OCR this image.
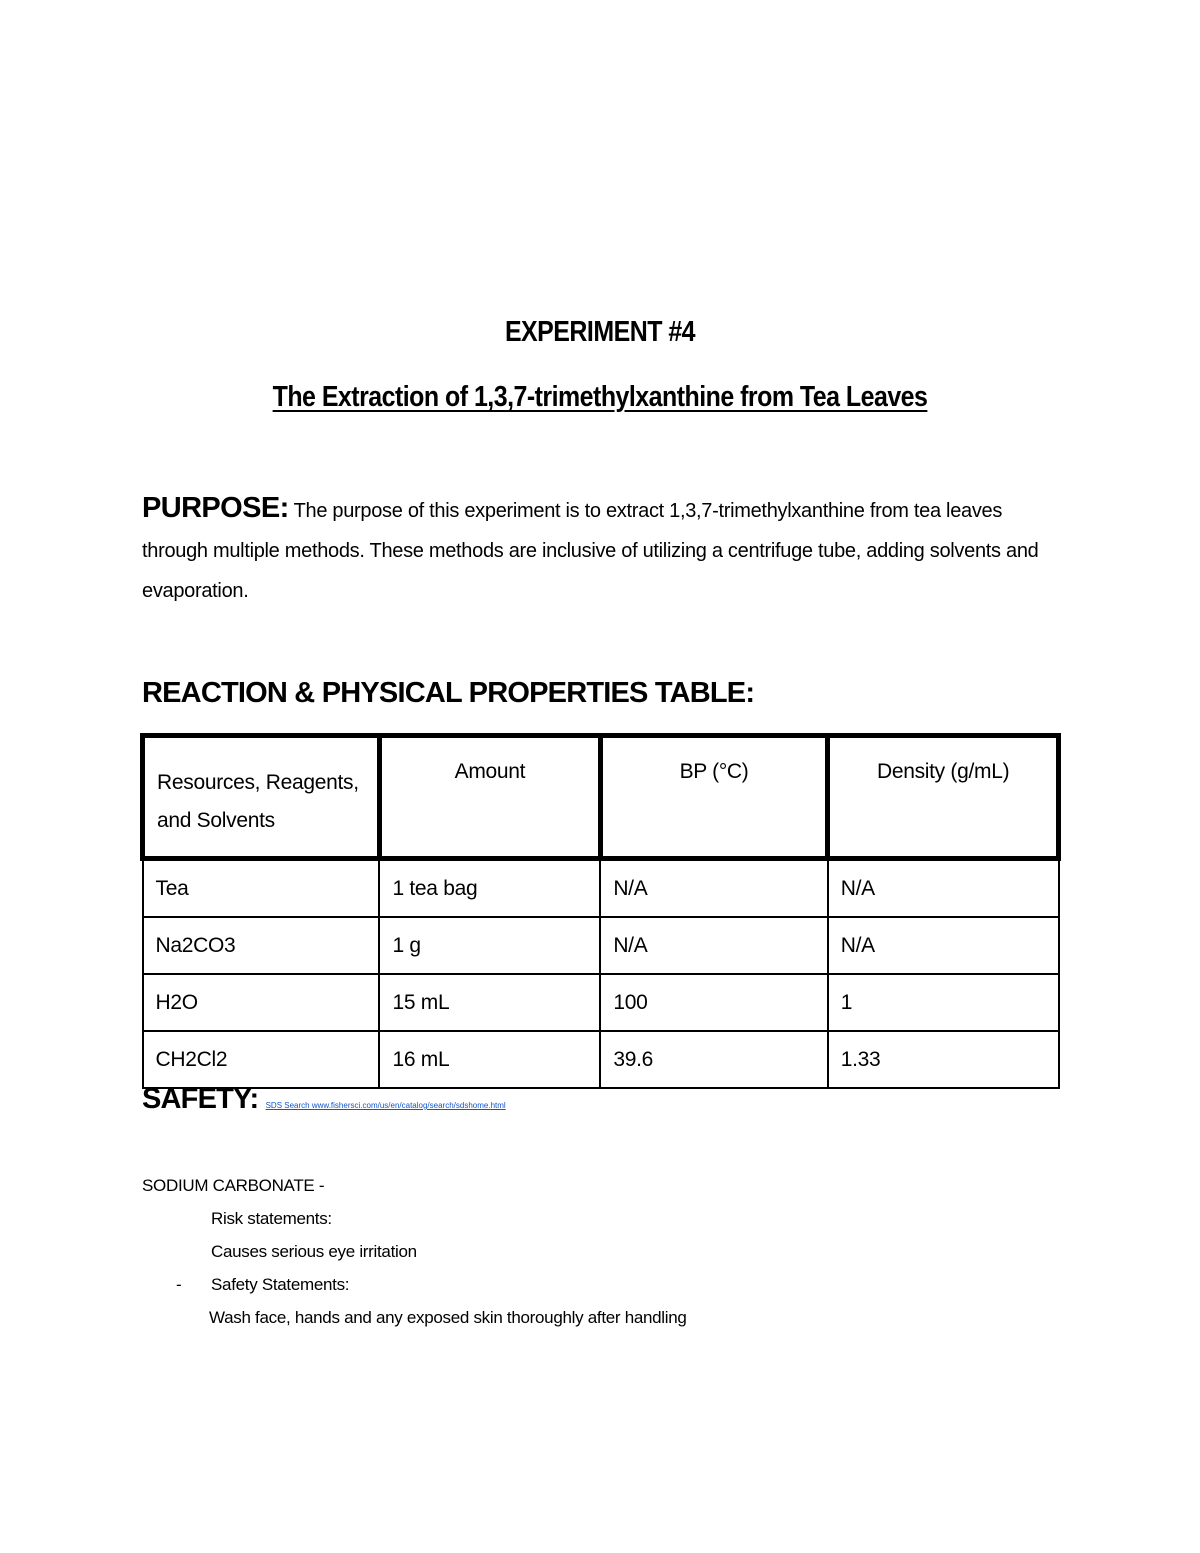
EXPERIMENT #4
The Extraction of 1,3,7-trimethylxanthine from Tea Leaves
PURPOSE: The purpose of this experiment is to extract 1,3,7-trimethylxanthine from tea leaves through multiple methods. These methods are inclusive of utilizing a centrifuge tube, adding solvents and evaporation.
REACTION & PHYSICAL PROPERTIES TABLE:
Resources, Reagents, and Solvents	Amount	BP (°C)	Density (g/mL)
Tea	1 tea bag	N/A	N/A
Na2CO3	1 g	N/A	N/A
H2O	15 mL	100	1
CH2Cl2	16 mL	39.6	1.33
SAFETY: SDS Search www.fishersci.com/us/en/catalog/search/sdshome.html
SODIUM CARBONATE -
Risk statements:
Causes serious eye irritation
- Safety Statements:
Wash face, hands and any exposed skin thoroughly after handling
